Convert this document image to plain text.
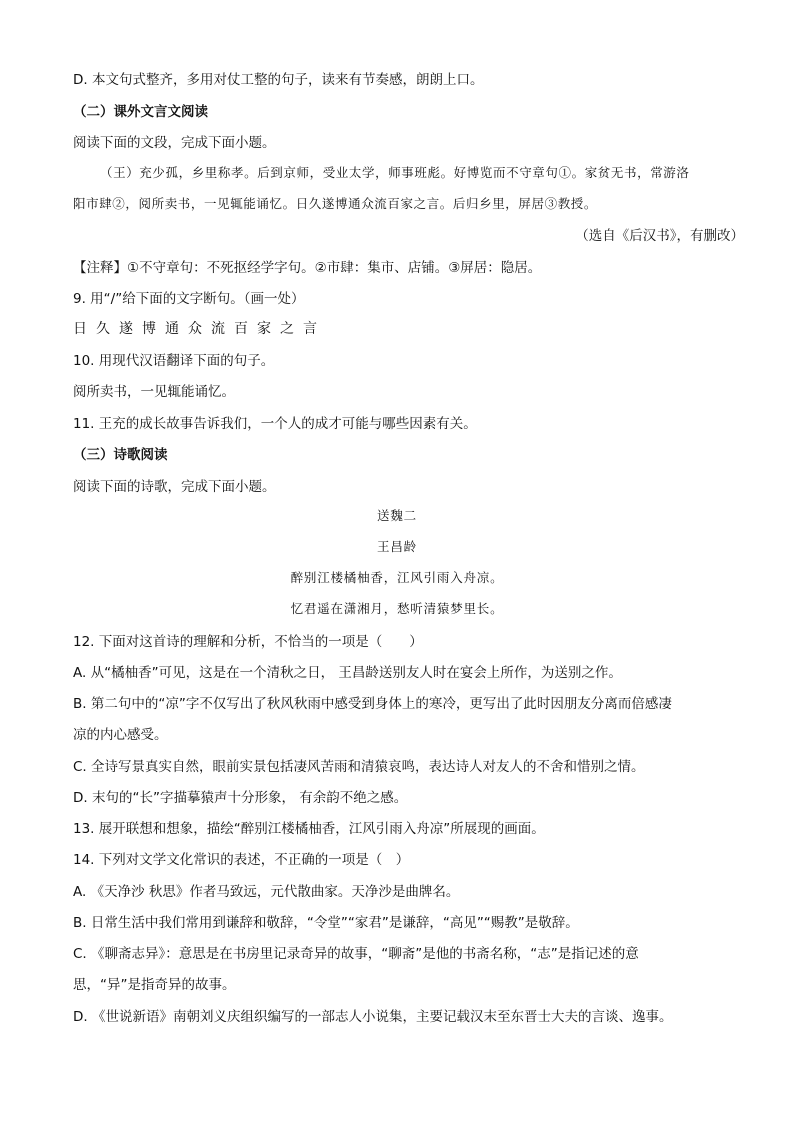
D. 本文句式整齐，多用对仗工整的句子，读来有节奏感，朗朗上口。
（二）课外文言文阅读
阅读下面的文段，完成下面小题。
（王）充少孤，乡里称孝。后到京师，受业太学，师事班彪。好博览而不守章句①。家贫无书，常游洛
阳市肆②，阅所卖书，一见辄能诵忆。日久遂博通众流百家之言。后归乡里，屏居③教授。
（选自《后汉书》，有删改）
【注释】①不守章句：不死抠经学字句。②市肆：集市、店铺。③屏居：隐居。
9. 用“/”给下面的文字断句。（画一处）
日久遂博通众流百家之言
10. 用现代汉语翻译下面的句子。
阅所卖书，一见辄能诵忆。
11. 王充的成长故事告诉我们，一个人的成才可能与哪些因素有关。
（三）诗歌阅读
阅读下面的诗歌，完成下面小题。
送魏二
王昌龄
醉别江楼橘柚香，江风引雨入舟凉。
忆君遥在潇湘月，愁听清猿梦里长。
12. 下面对这首诗的理解和分析，不恰当的一项是（　　）
A. 从“橘柚香”可见，这是在一个清秋之日， 王昌龄送别友人时在宴会上所作，为送别之作。
B. 第二句中的“凉”字不仅写出了秋风秋雨中感受到身体上的寒冷，更写出了此时因朋友分离而倍感凄
凉的内心感受。
C. 全诗写景真实自然，眼前实景包括凄风苦雨和清猿哀鸣，表达诗人对友人的不舍和惜别之情。
D. 末句的“长”字描摹猿声十分形象， 有余韵不绝之感。
13. 展开联想和想象，描绘“醉别江楼橘柚香，江风引雨入舟凉”所展现的画面。
14. 下列对文学文化常识的表述，不正确的一项是（　）
A. 《天净沙 秋思》作者马致远，元代散曲家。天净沙是曲牌名。
B. 日常生活中我们常用到谦辞和敬辞，“令堂”“家君”是谦辞，“高见”“赐教”是敬辞。
C. 《聊斋志异》：意思是在书房里记录奇异的故事，“聊斋”是他的书斋名称，“志”是指记述的意
思，“异”是指奇异的故事。
D. 《世说新语》南朝刘义庆组织编写的一部志人小说集，主要记载汉末至东晋士大夫的言谈、逸事。
